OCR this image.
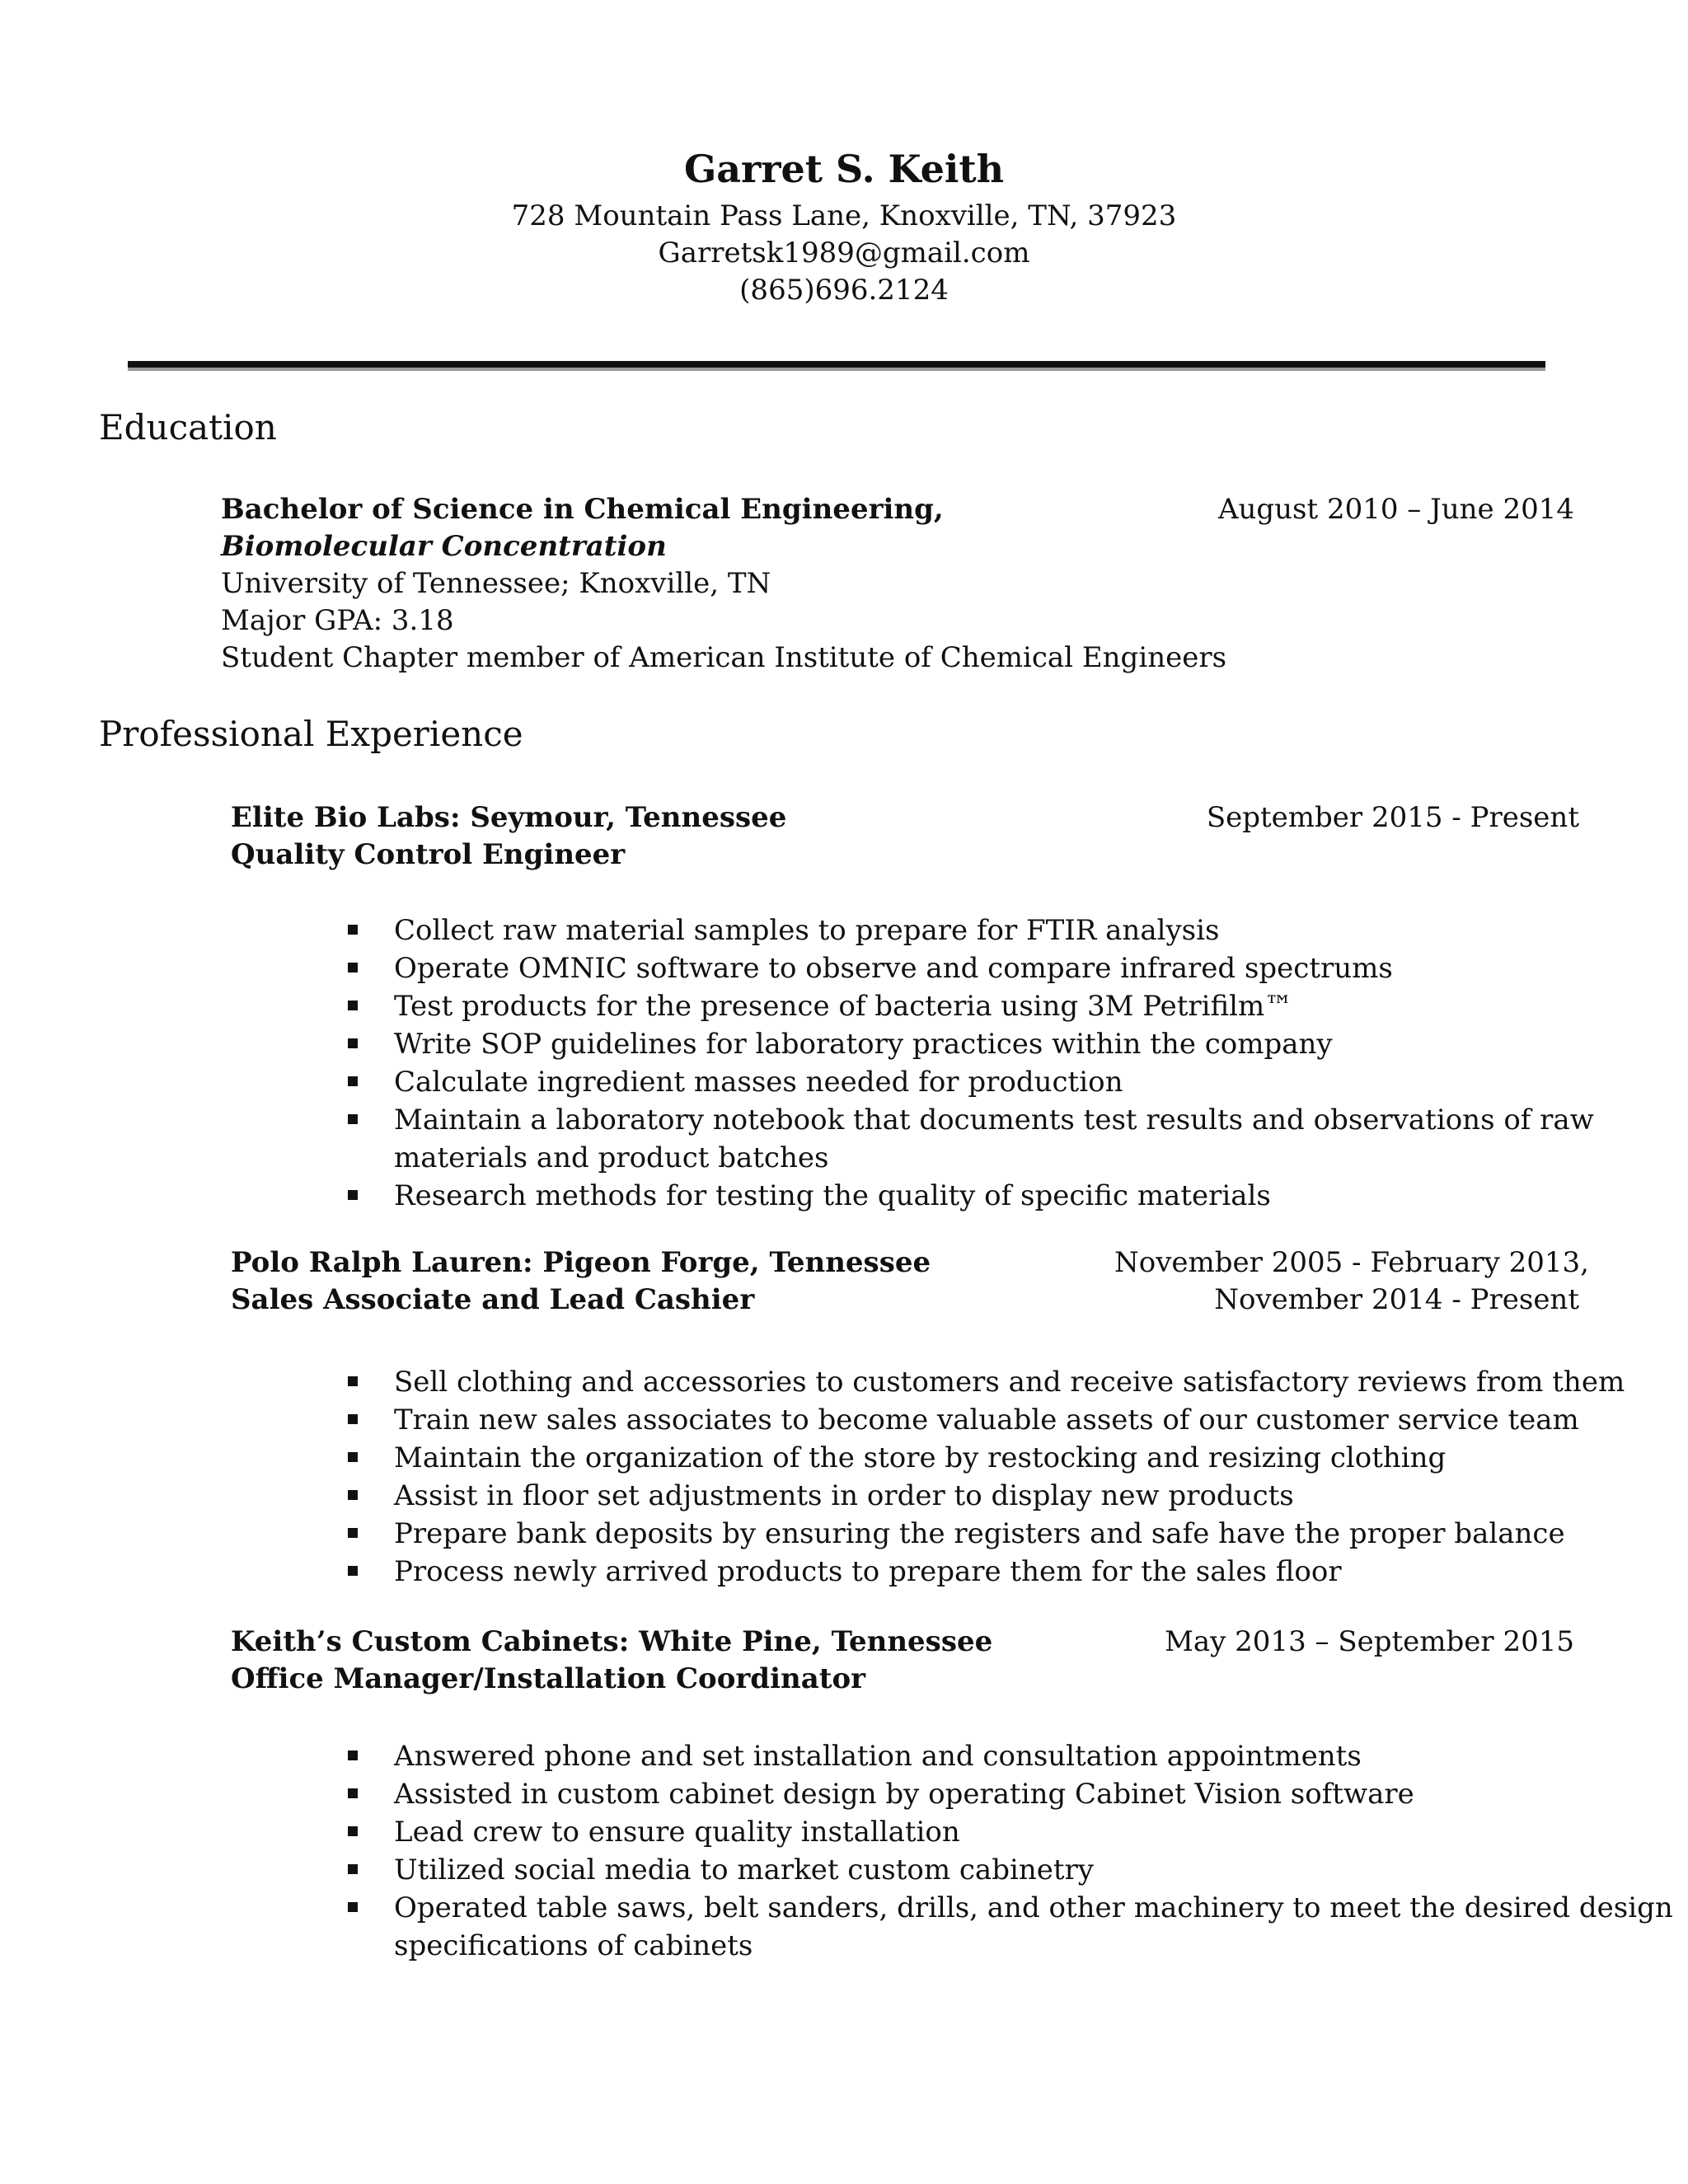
Garret S. Keith
728 Mountain Pass Lane, Knoxville, TN, 37923
Garretsk1989@gmail.com
(865)696.2124
Education
Bachelor of Science in Chemical Engineering,	August 2010 – June 2014
Biomolecular Concentration
University of Tennessee; Knoxville, TN
Major GPA: 3.18
Student Chapter member of American Institute of Chemical Engineers
Professional Experience
Elite Bio Labs: Seymour, Tennessee	September 2015 - Present
Quality Control Engineer
Collect raw material samples to prepare for FTIR analysis
Operate OMNIC software to observe and compare infrared spectrums
Test products for the presence of bacteria using 3M Petrifilm™
Write SOP guidelines for laboratory practices within the company
Calculate ingredient masses needed for production
Maintain a laboratory notebook that documents test results and observations of raw
materials and product batches
Research methods for testing the quality of specific materials
Polo Ralph Lauren: Pigeon Forge, Tennessee	November 2005 - February 2013,
Sales Associate and Lead Cashier	November 2014 - Present
Sell clothing and accessories to customers and receive satisfactory reviews from them
Train new sales associates to become valuable assets of our customer service team
Maintain the organization of the store by restocking and resizing clothing
Assist in floor set adjustments in order to display new products
Prepare bank deposits by ensuring the registers and safe have the proper balance
Process newly arrived products to prepare them for the sales floor
Keith’s Custom Cabinets: White Pine, Tennessee	May 2013 – September 2015
Office Manager/Installation Coordinator
Answered phone and set installation and consultation appointments
Assisted in custom cabinet design by operating Cabinet Vision software
Lead crew to ensure quality installation
Utilized social media to market custom cabinetry
Operated table saws, belt sanders, drills, and other machinery to meet the desired design
specifications of cabinets
